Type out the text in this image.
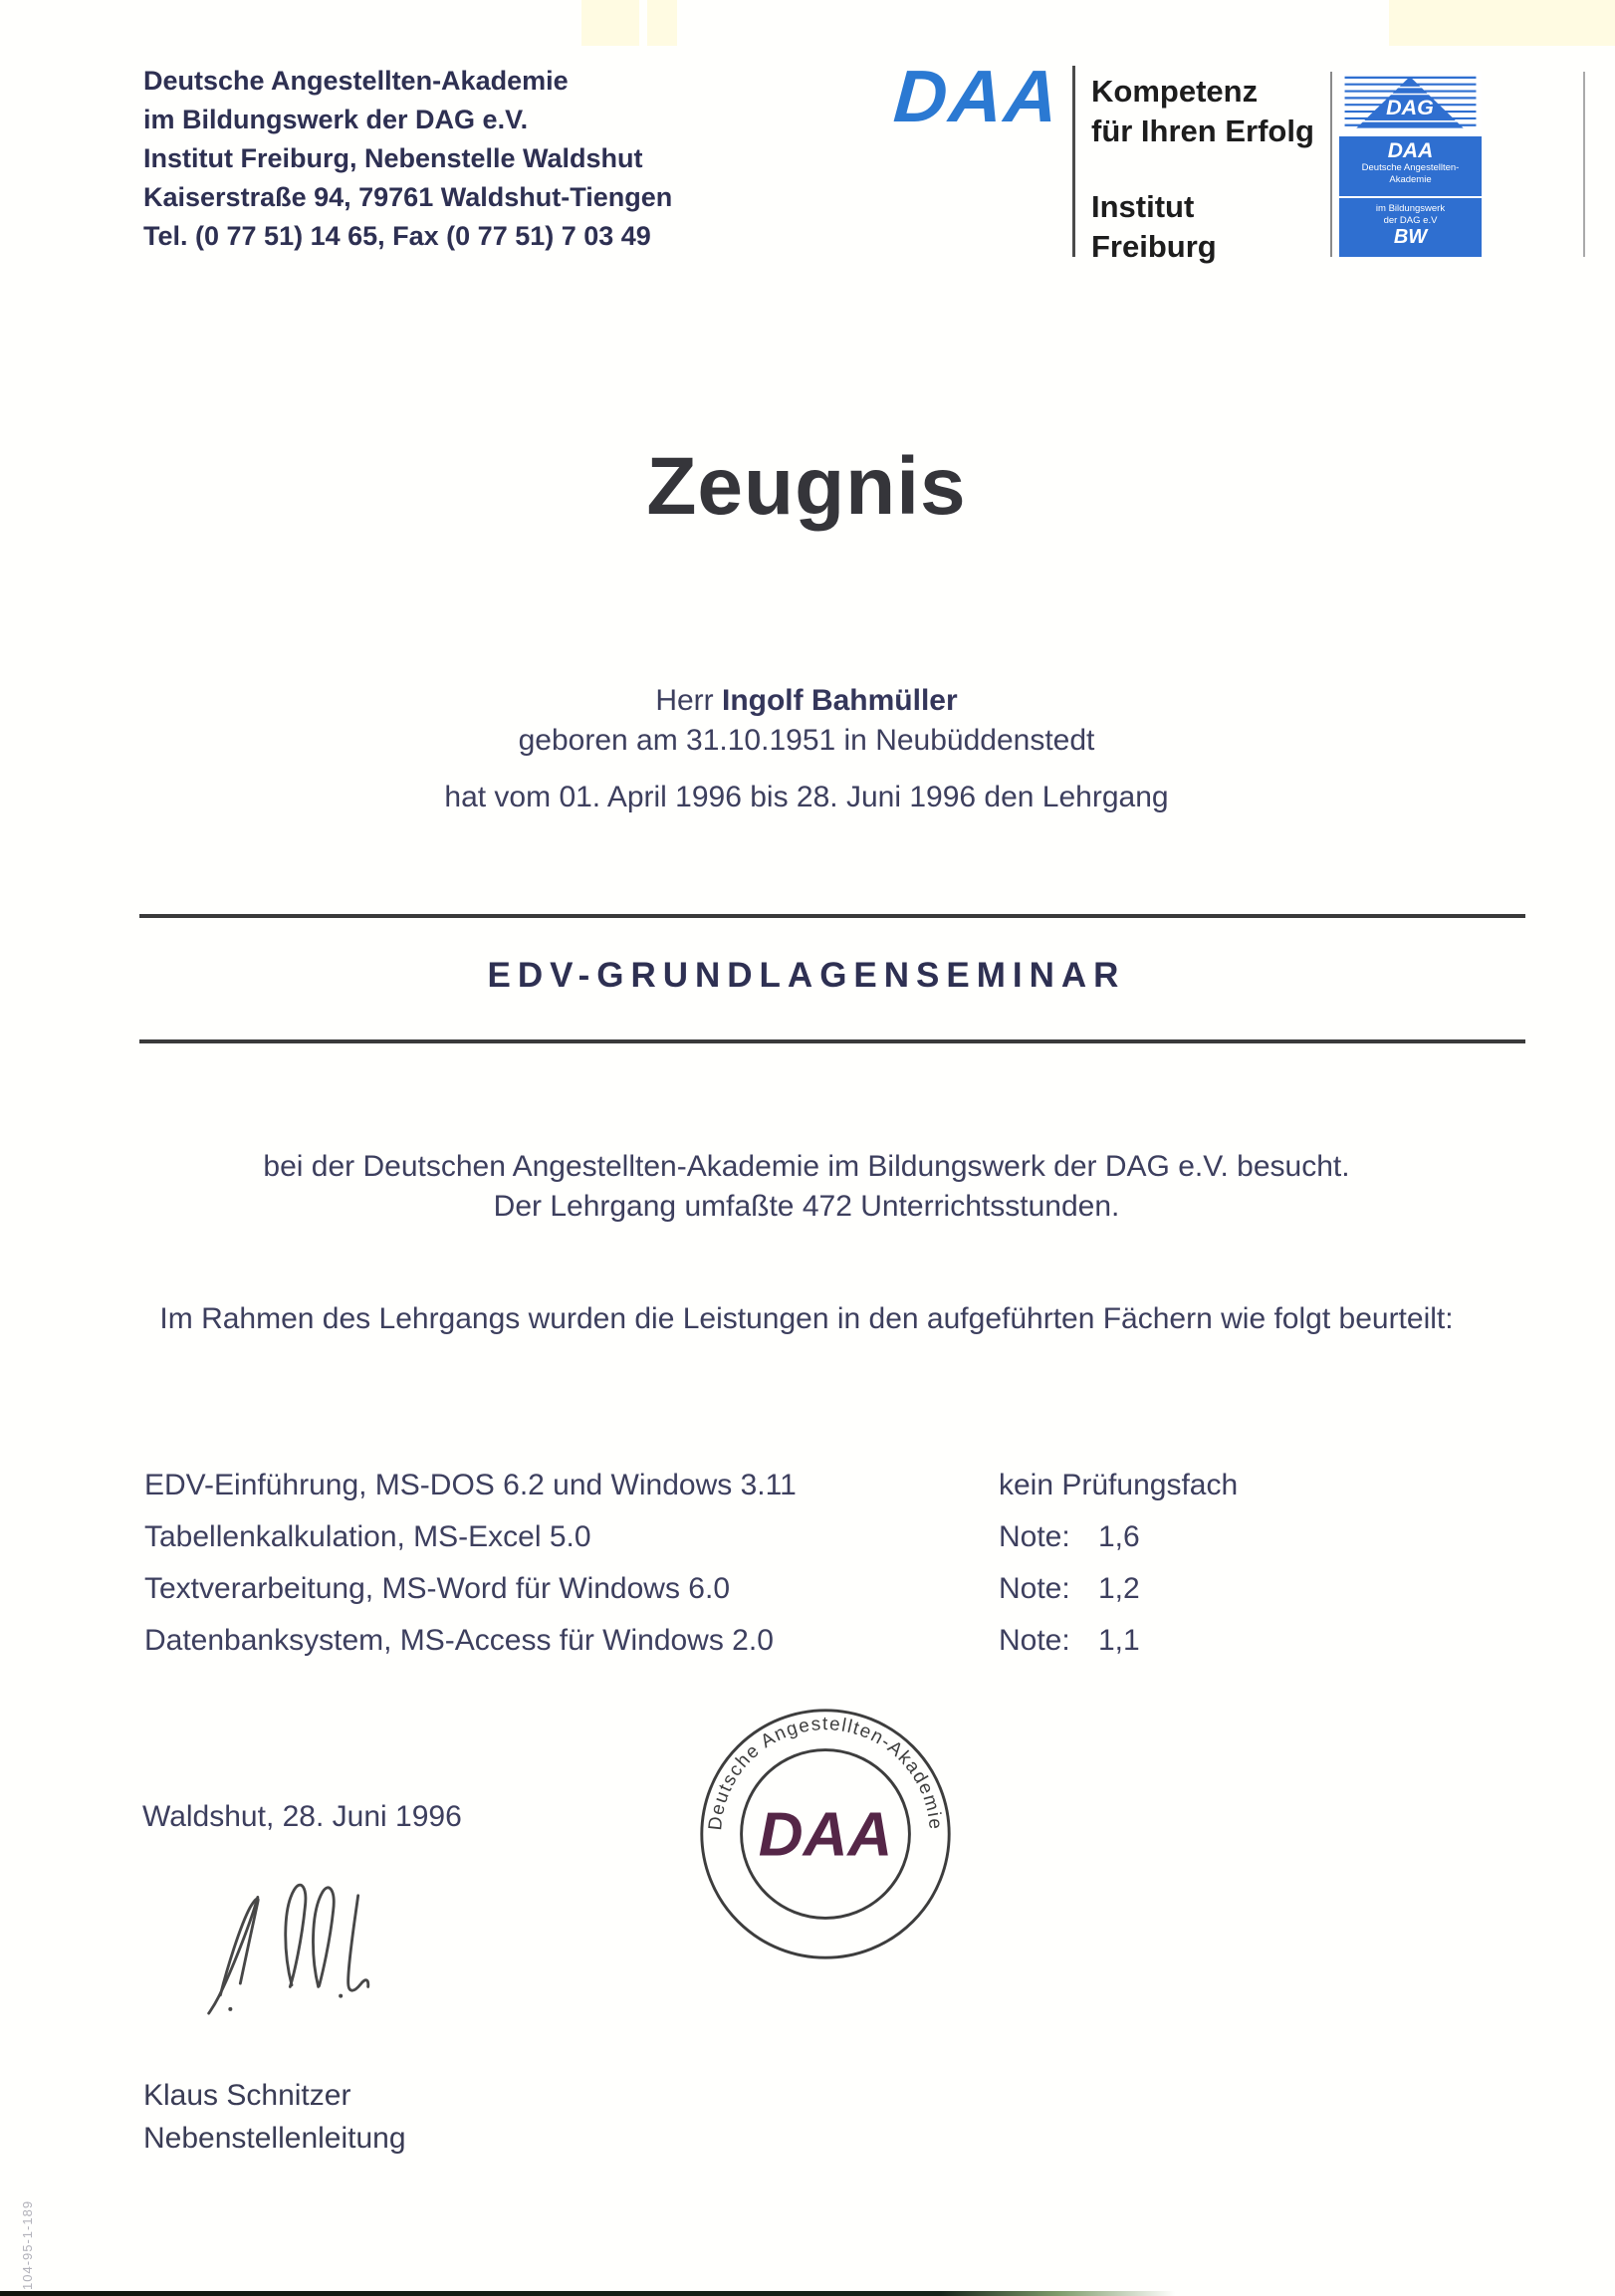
Deutsche Angestellten-Akademie
im Bildungswerk der DAG e.V.
Institut Freiburg, Nebenstelle Waldshut
Kaiserstraße 94, 79761 Waldshut-Tiengen
Tel. (0 77 51) 14 65, Fax (0 77 51) 7 03 49
DAA Kompetenz
für Ihren Erfolg
Institut
Freiburg
DAG
DAA
Deutsche Angestellten-
Akademie
im Bildungswerk
der DAG e.V
BW
Zeugnis
Herr Ingolf Bahmüller
geboren am 31.10.1951 in Neubüddenstedt
hat vom 01. April 1996 bis 28. Juni 1996 den Lehrgang
EDV-GRUNDLAGENSEMINAR
bei der Deutschen Angestellten-Akademie im Bildungswerk der DAG e.V. besucht.
Der Lehrgang umfaßte 472 Unterrichtsstunden.
Im Rahmen des Lehrgangs wurden die Leistungen in den aufgeführten Fächern wie folgt beurteilt:
EDV-Einführung, MS-DOS 6.2 und Windows 3.11	kein Prüfungsfach
Tabellenkalkulation, MS-Excel 5.0	Note: 1,6
Textverarbeitung, MS-Word für Windows 6.0	Note: 1,2
Datenbanksystem, MS-Access für Windows 2.0	Note: 1,1
Deutsche Angestellten-Akademie
DAA
Waldshut, 28. Juni 1996
Klaus Schnitzer
Nebenstellenleitung
104-95-1-189
